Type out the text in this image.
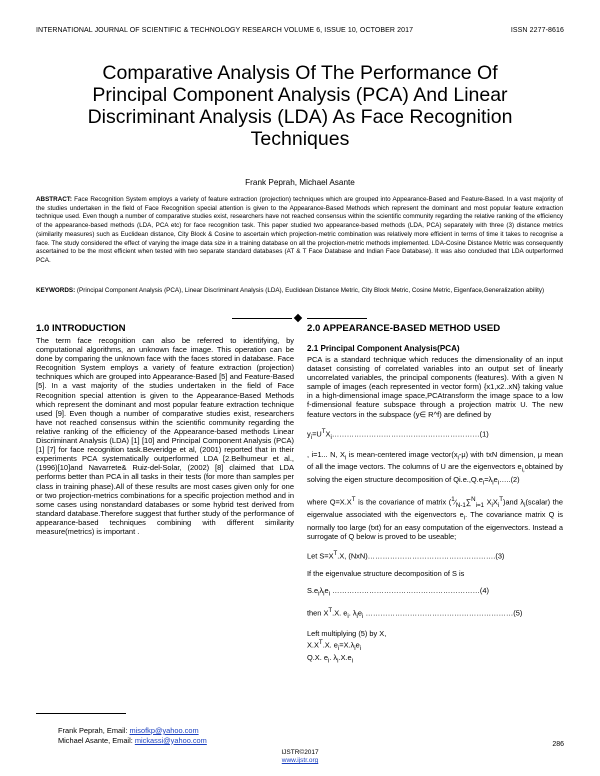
INTERNATIONAL JOURNAL OF SCIENTIFIC & TECHNOLOGY RESEARCH VOLUME 6, ISSUE 10, OCTOBER 2017	ISSN 2277-8616
Comparative Analysis Of The Performance Of
Principal Component Analysis (PCA) And Linear
Discriminant Analysis (LDA) As Face Recognition
Techniques
Frank Peprah, Michael Asante
ABSTRACT: Face Recognition System employs a variety of feature extraction (projection) techniques which are grouped into Appearance-Based and Feature-Based. In a vast majority of the studies undertaken in the field of Face Recognition special attention is given to the Appearance-Based Methods which represent the dominant and most popular feature extraction technique used. Even though a number of comparative studies exist, researchers have not reached consensus within the scientific community regarding the relative ranking of the efficiency of the appearance-based methods (LDA, PCA etc) for face recognition task. This paper studied two appearance-based methods (LDA, PCA) separately with three (3) distance metrics (similarity measures) such as Euclidean distance, City Block & Cosine to ascertain which projection-metric combination was relatively more efficient in terms of time it takes to recognise a face. The study considered the effect of varying the image data size in a training database on all the projection-metric methods implemented. LDA-Cosine Distance Metric was consequently ascertained to be the most efficient when tested with two separate standard databases (AT & T Face Database and Indian Face Database). It was also concluded that LDA outperformed PCA.
KEYWORDS: (Principal Component Analysis (PCA), Linear Discriminant Analysis (LDA), Euclidean Distance Metric, City Block Metric, Cosine Metric, Eigenface,Generalization ability)
1.0 INTRODUCTION
The term face recognition can also be referred to identifying, by computational algorithms, an unknown face image. This operation can be done by comparing the unknown face with the faces stored in database. Face Recognition System employs a variety of feature extraction (projection) techniques which are grouped into Appearance-Based [5] and Feature-Based [5]. In a vast majority of the studies undertaken in the field of Face Recognition special attention is given to the Appearance-Based Methods which represent the dominant and most popular feature extraction technique used [9]. Even though a number of comparative studies exist, researchers have not reached consensus within the scientific community regarding the relative ranking of the efficiency of the Appearance-based methods Linear Discriminant Analysis (LDA) [1] [10] and Principal Component Analysis (PCA)[1] [7] for face recognition task.Beveridge et al, (2001) reported that in their experiments PCA systematically outperformed LDA [2.Belhumeur et al., (1996)[10]and Navarrete& Ruiz-del-Solar, (2002) [8] claimed that LDA performs better than PCA in all tasks in their tests (for more than samples per class in training phase).All of these results are most cases given only for one or two projection-metrics combinations for a specific projection method and in some cases using nonstandard databases or some hybrid test derived from standard database.Therefore suggest that further study of the performance of appearance-based techniques combining with different similarity measure(metrics) is important .
2.0 APPEARANCE-BASED METHOD USED
2.1 Principal Component Analysis(PCA)
PCA is a standard technique which reduces the dimensionality of an input dataset consisting of correlated variables into an output set of linearly uncorrelated variables, the principal components (features). With a given N sample of images (each represented in vector form) {x1,x2..xN} taking value in a high-dimensional image space,PCAtransform the image space to a low f-dimensional feature subspace through a projection matrix U. The new feature vectors in the subspace (y∈ R^f) are defined by
$y_i=U^TX_i\dots\dots\dots\dots\dots\dots\dots\dots\dots\dots\dots\dots\dots\dots\dots\dots\dots\dots\dots\dots(1)$
, i=1... N, $X_i$ is mean-centered image $vector(x_i-\mu)$ with txN dimension, μ mean of all the image vectors. The columns of U are the eigenvectors $e_{i,}obtained$ by solving the eigen structure decomposition of $Qi.e.,Q.e_i=\lambda_ie_i\dots..(2)$
where $Q=X.X^T$ is the covariance of matrix ($^1⁄_{N-1}\sum^N_{i=1}$ $X_iX_i^T)and$ $\lambda_i(scalar)$ the eigenvalue associated with the eigenvectors $e_i$. The covariance matrix Q is normally too large (txt) for an easy computation of the eigenvectors. Instead a surrogate of Q below is proved to be useable;
Let $S=X^T.X$, (NxN)…………………………………………….(3)
If the eigenvalue structure decomposition of S is
$S.e_i\lambda_ie_i$ ……………………………………………………(4)
then $X^T.X$. $e_i$. $\lambda_ie_i$ ……………………………………………………(5)
Left multiplying (5) by X,
$X.X^T.X$. $e_i=X.\lambda_ie_i$
Q.X. $e_i$. $\lambda_i.X.e_i$
Frank Peprah, Email: misofkp@yahoo.com
Michael Asante, Email: mickassi@yahoo.com	286
IJSTR©2017
www.ijstr.org
